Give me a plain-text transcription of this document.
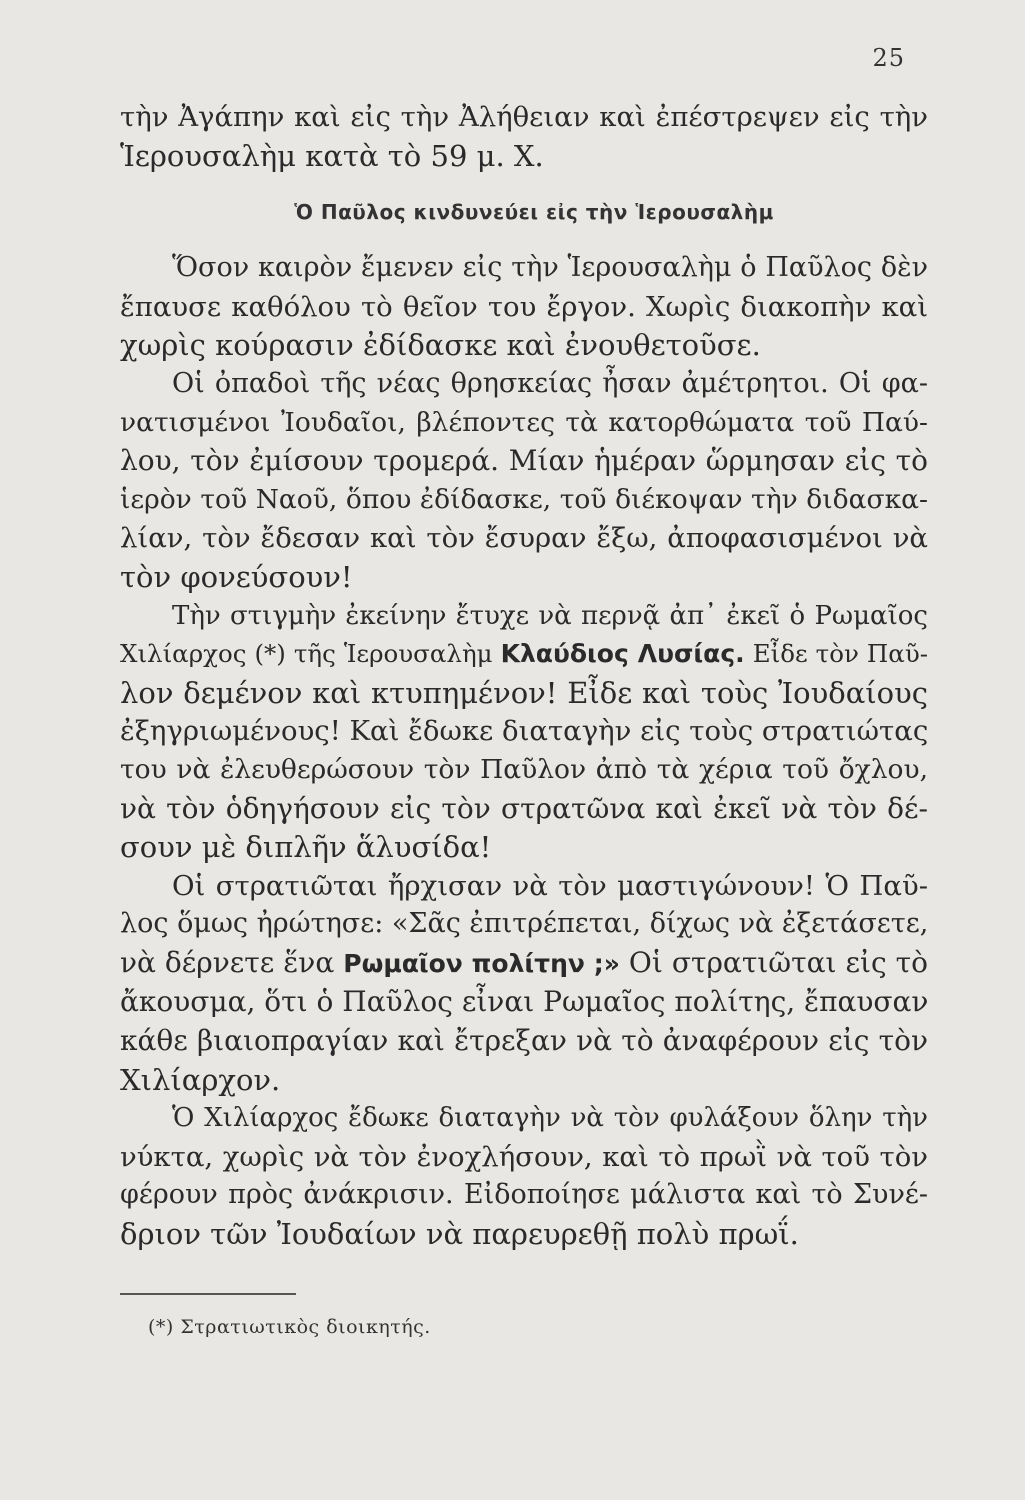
25
τὴν Ἀγάπην καὶ εἰς τὴν Ἀλήθειαν καὶ ἐπέστρεψεν εἰς τὴν
Ἱερουσαλὴμ κατὰ τὸ 59 μ. Χ.
Ὁ Παῦλος κινδυνεύει εἰς τὴν Ἱερουσαλὴμ
Ὅσον καιρὸν ἔμενεν εἰς τὴν Ἱερουσαλὴμ ὁ Παῦλος δὲν
ἔπαυσε καθόλου τὸ θεῖον του ἔργον. Χωρὶς διακοπὴν καὶ
χωρὶς κούρασιν ἐδίδασκε καὶ ἐνουθετοῦσε.
Οἱ ὀπαδοὶ τῆς νέας θρησκείας ἦσαν ἀμέτρητοι. Οἱ φα-
νατισμένοι Ἰουδαῖοι, βλέποντες τὰ κατορθώματα τοῦ Παύ-
λου, τὸν ἐμίσουν τρομερά. Μίαν ἡμέραν ὥρμησαν εἰς τὸ
ἱερὸν τοῦ Ναοῦ, ὅπου ἐδίδασκε, τοῦ διέκοψαν τὴν διδασκα-
λίαν, τὸν ἔδεσαν καὶ τὸν ἔσυραν ἔξω, ἀποφασισμένοι νὰ
τὸν φονεύσουν!
Τὴν στιγμὴν ἐκείνην ἔτυχε νὰ περνᾷ ἀπ᾽ ἐκεῖ ὁ Ρωμαῖος
Χιλίαρχος (*) τῆς Ἱερουσαλὴμ Κλαύδιος Λυσίας. Εἶδε τὸν Παῦ-
λον δεμένον καὶ κτυπημένον! Εἶδε καὶ τοὺς Ἰουδαίους
ἐξηγριωμένους! Καὶ ἔδωκε διαταγὴν εἰς τοὺς στρατιώτας
του νὰ ἐλευθερώσουν τὸν Παῦλον ἀπὸ τὰ χέρια τοῦ ὄχλου,
νὰ τὸν ὁδηγήσουν εἰς τὸν στρατῶνα καὶ ἐκεῖ νὰ τὸν δέ-
σουν μὲ διπλῆν ἅλυσίδα!
Οἱ στρατιῶται ἤρχισαν νὰ τὸν μαστιγώνουν! Ὁ Παῦ-
λος ὅμως ἠρώτησε: «Σᾶς ἐπιτρέπεται, δίχως νὰ ἐξετάσετε,
νὰ δέρνετε ἕνα Ρωμαῖον πολίτην ;» Οἱ στρατιῶται εἰς τὸ
ἄκουσμα, ὅτι ὁ Παῦλος εἶναι Ρωμαῖος πολίτης, ἔπαυσαν
κάθε βιαιοπραγίαν καὶ ἔτρεξαν νὰ τὸ ἀναφέρουν εἰς τὸν
Χιλίαρχον.
Ὁ Χιλίαρχος ἔδωκε διαταγὴν νὰ τὸν φυλάξουν ὅλην τὴν
νύκτα, χωρὶς νὰ τὸν ἐνοχλήσουν, καὶ τὸ πρωῒ νὰ τοῦ τὸν
φέρουν πρὸς ἀνάκρισιν. Εἰδοποίησε μάλιστα καὶ τὸ Συνέ-
δριον τῶν Ἰουδαίων νὰ παρευρεθῇ πολὺ πρωΐ.
(*) Στρατιωτικὸς διοικητής.
